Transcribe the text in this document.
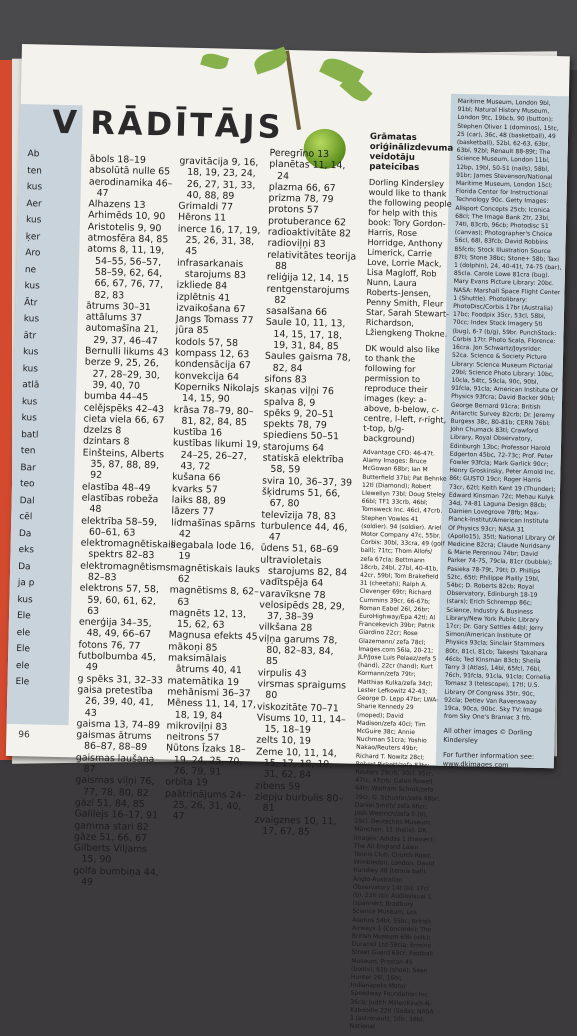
V RĀDĪTĀJS
Ab
ten
kus
Aer
kus
ķer
Aro
ne
kus
Ātr
kus
ātr
kus
kus
atlā
kus
kus
batl
ten
Bar
teo
Dal
cēl
Da
eks
Da
ja p
kus
Ele
ele
Ele
ele
Ele
ābols 18–19
absolūtā nulle 65
aerodinamika 46–47
Alhazens 13
Arhimēds 10, 90
Aristotelis 9, 90
atmosfēra 84, 85
atoms 8, 11, 19, 54–55, 56–57, 58–59, 62, 64, 66, 67, 76, 77, 82, 83
ātrums 30–31
attālums 37
automašīna 21, 29, 37, 46–47
Bernulli likums 43
berze 9, 25, 26, 27, 28–29, 30, 39, 40, 70
bumba 44–45
celējspēks 42–43
cieta viela 66, 67
dzelzs 8
dzintars 8
Einšteins, Alberts 35, 87, 88, 89, 92
elastība 48–49
elastības robeža 48
elektrība 58–59, 60–61, 63
elektromagnētiskais spektrs 82–83
elektromagnētisms 82–83
elektrons 57, 58, 59, 60, 61, 62, 63
enerģija 34–35, 48, 49, 66–67
fotons 76, 77
futbolbumba 45, 49
g spēks 31, 32–33
gaisa pretestība 26, 39, 40, 41, 43
gaisma 13, 74–89
gaismas ātrums 86–87, 88–89
gaismas laušana 87
gaismas viļņi 76, 77, 78, 80, 82
gāzi 51, 84, 85
Galilejs 16–17, 91
gamma stari 82
gāze 51, 66, 67
Gilberts Viljams 15, 90
golfa bumbiņa 44, 49
gravitācija 9, 16, 18, 19, 23, 24, 26, 27, 31, 33, 40, 88, 89
Grimaldi 77
Hērons 11
inerce 16, 17, 19, 25, 26, 31, 38, 45
infrasarkanais starojums 83
izkliede 84
izplētnis 41
izvaikošana 67
Jangs Tomass 77
jūra 85
kodols 57, 58
kompass 12, 63
kondensācija 67
konvekcija 64
Koperniks Nikolajs 14, 15, 90
krāsa 78–79, 80–81, 82, 84, 85
kustība 16
kustības likumi 19, 24–25, 26–27, 43, 72
kušana 66
kvarks 57
laiks 88, 89
lāzers 77
lidmašīnas spārns 42
liegabala lode 16, 19
magnētiskais lauks 62
magnētisms 8, 62–63
magnēts 12, 13, 15, 62, 63
Magnusa efekts 45
mākoņi 85
maksimālais ātrums 40, 41
matemātika 19
mehānismi 36–37
Mēness 11, 14, 17, 18, 19, 84
mikroviļņi 83
neitrons 57
Ņūtons Īzaks 18–19, 24, 25, 70, 76, 79, 91
orbīta 19
paātrinājums 24–25, 26, 31, 40, 47
Peregrīno 13
planētas 11, 14, 24
plazma 66, 67
prizma 78, 79
protons 57
protuberance 62
radioaktivitāte 82
radioviļņi 83
relativitātes teorija 88
reliģija 12, 14, 15
rentgenstarojums 82
sasalšana 66
Saule 10, 11, 13, 14, 15, 17, 18, 19, 31, 84, 85
Saules gaisma 78, 82, 84
sifons 83
skaņas viļņi 76
spalva 8, 9
spēks 9, 20–51
spekts 78, 79
spiediens 50–51
starojums 64
statiskā elektrība 58, 59
svira 10, 36–37, 39
šķidrums 51, 66, 67, 80
televīzija 78, 83
turbulence 44, 46, 47
ūdens 51, 68–69
ultravioletais starojums 82, 84
vadītspēja 64
varavīksne 78
velosipēds 28, 29, 37, 38–39
vilkšana 28
viļņa garums 78, 80, 82–83, 84, 85
virpulis 43
virsmas spraigums 80
viskozitāte 70–71
Visums 10, 11, 14–15, 18–19
zelts 10, 19
Zeme 10, 11, 14, 15, 17, 18, 19, 31, 62, 84
zibens 59
ziepju burbulis 80–81
zvaigznes 10, 11, 17, 67, 85
Grāmatas oriģinālizdevuma veidotāju pateicības
Dorling Kindersley would like to thank the following people for help with this book: Tory Gordon-Harris, Rose Horridge, Anthony Limerick, Carrie Love, Lorrie Mack, Lisa Magloff, Rob Nunn, Laura Roberts-Jensen, Penny Smith, Fleur Star, Sarah Stewart-Richardson, Lžiengkeng Thokne.
DK would also like to thank the following for permission to reproduce their images (key: a-above, b-below, c-centre, l-left, r-right, t-top, b/g-background)
Advantage CFD: 46-47t. Alamy Images: Bruce McGowan 68br; Ian M Butterfield 37bl; Pat Behnke 12tl (Diamond); Robert Llewellyn 73bl; Doug Steley 66bl; TF1 33crb, 46bl; Tomsweck Inc. 46cl, 47crb. Stephen Vowles 41 (soldier). 94 (soldier). Ariel Motor Company 47c, 55br. Corbis: 30bl, 33cra, 49 (golf ball); 71tc; Thom Allofs/ zefa 67cla; Bettmann 18crb, 24bl, 27bl, 40-41b, 42cr, 59bl; Tom Brakefield 31 (cheetah); Ralph A. Clevenger 69tr; Richard Cummins 39cr, 66-67b; Roman Eabel 26l, 26br; EuroHighway/Epa 42tl; Al Francekevich 39br; Patrik Giardino 22cr; Rose Glazemann/ zefa 78cl; Images.com 56la, 20-21; JLP/Jose Luis Pelaez/zefa 5 (hand), 22cr (hand); Kurt Kormann/zefa 79tr; Matthias Kulka/zefa 34cl; Lester Lefkowitz 42-43; George D. Lepp 47br; LWA-Sharie Kennedy 29 (moped); David Madison/zefa 40cl; Tim McGuire 38c; Annie Nuchman 51cra; Yoshio Nakao/Reuters 49br; Richard T. Nowitz 28cl; Robert Pickett/zefa 83tc; Reuters 29crb, 30cl, 35cr, 47tc, 47crb; Galen Rowell 64tr; Wolfram Schroll/zefa 39cr, G. Schuster/zefa 48br; Daniel Smith/ zefa 66cr; Josh Westrich/zefa 5 (tl), 25cl. Deutsches Museum, München: 11 (helix). DK Images: Adidas 1 (trainer); The All England Lawn Tennis Club, Church Road, Wimbledon, London, David Handley 48 (tennis ball); Anglo-Australian Observatory 14t (b), 17cl (b), 22tl (b); Audiovisual 1 (spanner); Bradbury Science Museum, Los Alamos 54bl, 55bc; British Airways 1 (Concorde); The British Museum 69b (silk); Duracell Ltd 58cla; Ermine Street Guard 69cr; Football Museum, Preston 45 (boots), 61b (shoe); Sean Hunter 26l, 16bl; Indianapolis Motor Speedway Foundation Inc 36cb; Judith Miller/Kinch-N-Kaboodle 22tl (Soda); NASA 1 (astronaut), 10tr, 18bl; National
Maritime Museum, London 9bl, 91bl; Natural History Museum, London 9tc, 19bcb, 90 (button); Stephen Oliver 1 (dominos), 15tc, 25 (car), 36c, 48 (basketball), 49 (basketball), 52bl, 62-63, 63br, 63bl, 92bl; Renault 88-89t; The Science Museum, London 11bl, 12bp, 19bl, 50-51 (nails), 58bl, 91br; James Stevenson/National Maritime Museum, London 15cl; Florida Center for Instructional Technology 90c. Getty Images: Allsport Concepts 25cb; Iconica 68cl; The Image Bank 2tr, 23bl, 74tl, 83crb, 96cb; Photodisc 51 (canvas); Photographer's Choice 56cl, 68l, 83fcb; David Robbins 85fcrb; Stock Illustration Source 87tl; Stone 38bc; Stone+ 58b; Taxi 1 (dolphin), 24, 40-41t, 74-75 (bar), 85cla. Carole Lowe 81cra (bug). Mary Evans Picture Library: 20bc. NASA: Marshall Space Flight Center 1 (Shuttle). Photolibrary: PhotoDisc/Corbis 17br (Australia) 17bc; Foodpix 35cr, 53cl, 58bl, 70cc; Index Stock Imagery 5tl (bug), 6-7 (b/g), 59br. PunchStock: Corbis 17tr. Photo Scala, Florence: 16cra. Jon Schwartz/Joysrider: 52ca. Science & Society Picture Library: Science Museum Pictorial 29bl; Science Photo Library: 10bc, 10cla, 54tc, 59cla, 90c, 90bl, 91fcla, 91cla; American Institute Of Physics 93fcra; David Backer 90bl; George Bernard 91cra; British Antarctic Survey 82crb; Dr. Jeremy Burgess 38c, 80-81b; CERN 76bl; John Chumack 83tl; Crawford Library, Royal Observatory, Edinburgh 13bc; Professor Harold Edgerton 45bc, 72-73c; Prof. Peter Fowler 93fcla; Mark Garlick 90cr; Henry Groskinsky, Peter Arnold Inc. 86t; GUSTO 19cr; Roger Harris 73cr, 62tl; Keith Kent 19 (Thunder); Edward Kinsman 72c; Mehau Kulyk 34d, 74-81 Laguna Design 88cb; Damien Lovegrove 78fb; Max-Planck-Institut/American Institute Of Physics 93cr; NASA 31 (Apollo15), 35tl; National Library Of Medicine 82cra; Claude Nuridsany & Marie Perennou 74br; David Parker 74-75, 79cla, 81cr (bubble); Pasieka 78-79t, 79tl; D. Phillips 52tc, 65tl; Philippe Plailly 19bl, 54bc; D. Roberts 82cb; Royal Observatory, Edinburgh 18-19 (stars); Erich Schrempp 86c; Science, Industry & Business Library/New York Public Library 17cr; Dr. Gary Settles 44bl; Jerry Simon/American Institute Of Physics 93cla; Sinclair Stammers 80tr, 81cl, 81cb; Takeshi Takahara 46cb; Ted Kinsman 83cb; Sheila Terry 3 (Atlas), 14bl, 65fcl, 76bl, 76ch, 91fcla, 91cla, 91cla; Cornelia Tomasz 3 (telescope), 17tl; U.S. Library Of Congress 35tr, 90c, 92cla; Detlev Van Ravenswaay 19ca, 90ca, 90bc. Sky TV: Image from Sky One's Braniac 3 frb.
All other images © Dorling Kindersley
For further information see: www.dkimages.com
96
